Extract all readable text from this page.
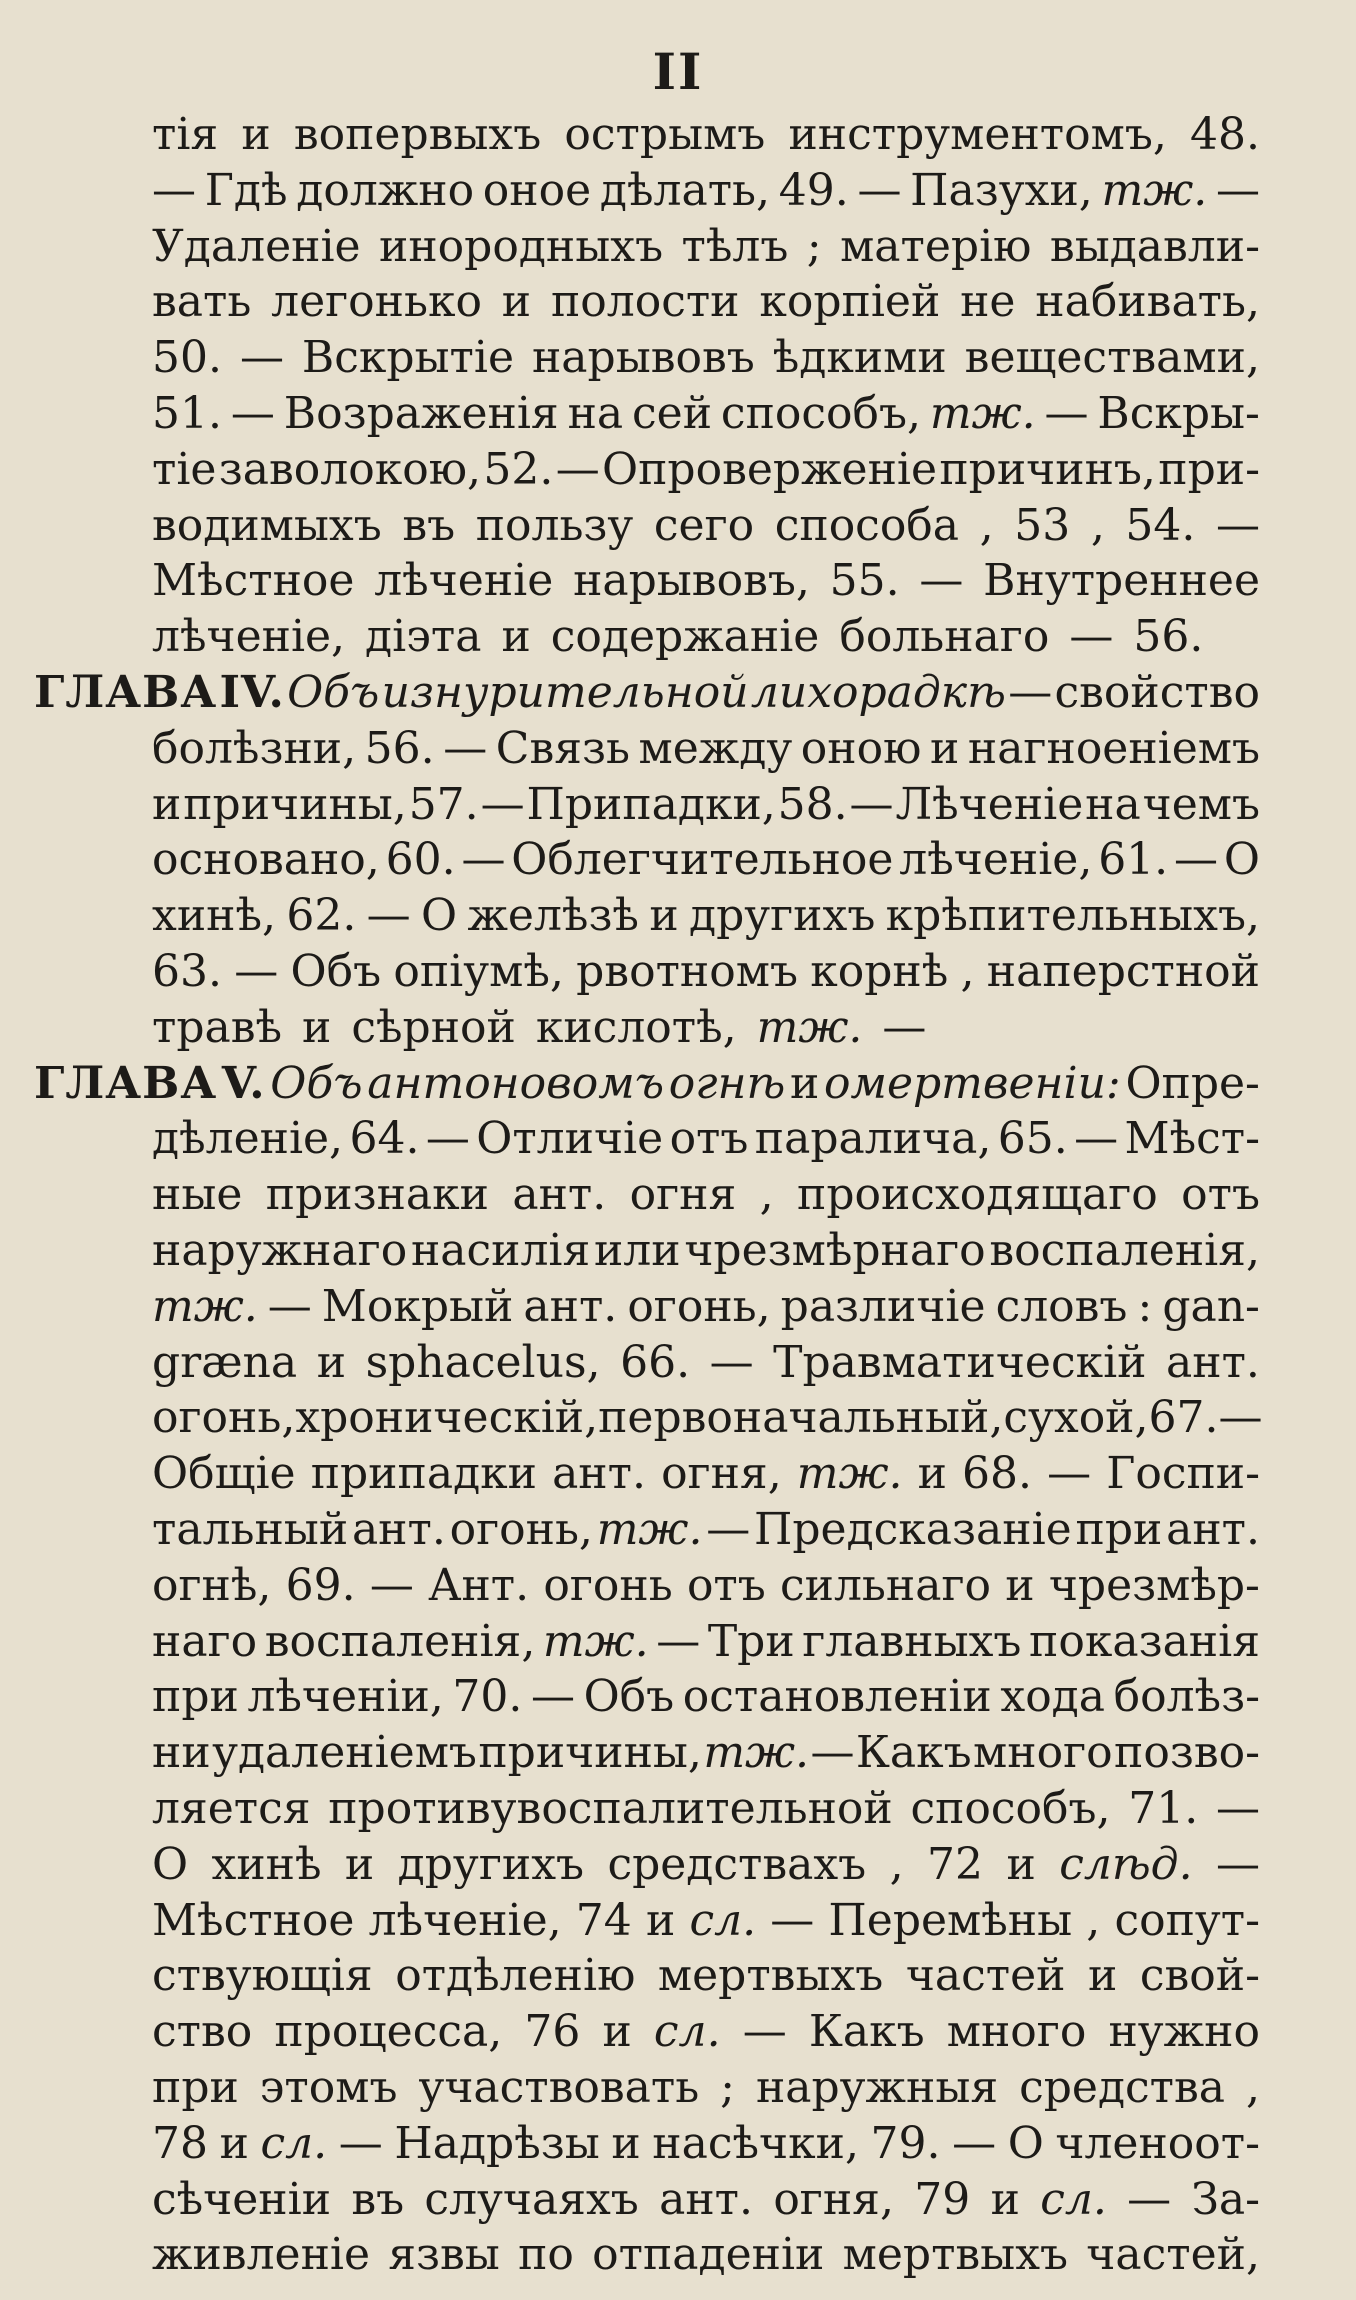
II
тія и вопервыхъ острымъ инструментомъ, 48.
— Гдѣ должно оное дѣлать, 49. — Пазухи, тж. —
Удаленіе инородныхъ тѣлъ ; матерію выдавли-
вать легонько и полости корпіей не набивать,
50. — Вскрытіе нарывовъ ѣдкими веществами,
51. — Возраженія на сей способъ, тж. — Вскры-
тіе заволокою, 52. — Опроверженіе причинъ, при-
водимыхъ въ пользу сего способа , 53 , 54. —
Мѣстное лѣченіе нарывовъ, 55. — Внутреннее
лѣченіе, діэта и содержаніе больнаго — 56.
ГЛАВА IV. Объ изнурительной лихорадкѣ — свойство
болѣзни, 56. — Связь между оною и нагноеніемъ
и причины, 57. — Припадки, 58. — Лѣченіе на чемъ
основано, 60. — Облегчительное лѣченіе, 61. — О
хинѣ, 62. — О желѣзѣ и другихъ крѣпительныхъ,
63. — Объ опіумѣ, рвотномъ корнѣ , наперстной
травѣ и сѣрной кислотѣ, тж. —
ГЛАВА V. Объ антоновомъ огнѣ и омертвеніи: Опре-
дѣленіе, 64. — Отличіе отъ паралича, 65. — Мѣст-
ные признаки ант. огня , происходящаго отъ
наружнаго насилія или чрезмѣрнаго воспаленія,
тж. — Мокрый ант. огонь, различіе словъ : gan-
græna и sphacelus, 66. — Травматическій ант.
огонь, хроническій, первоначальный, сухой, 67. —
Общіе припадки ант. огня, тж. и 68. — Госпи-
тальный ант. огонь, тж. — Предсказаніе при ант.
огнѣ, 69. — Ант. огонь отъ сильнаго и чрезмѣр-
наго воспаленія, тж. — Три главныхъ показанія
при лѣченіи, 70. — Объ остановленіи хода болѣз-
ни удаленіемъ причины, тж. — Какъ много позво-
ляется противувоспалительной способъ, 71. —
О хинѣ и другихъ средствахъ , 72 и слѣд. —
Мѣстное лѣченіе, 74 и сл. — Перемѣны , сопут-
ствующія отдѣленію мертвыхъ частей и свой-
ство процесса, 76 и сл. — Какъ много нужно
при этомъ участвовать ; наружныя средства ,
78 и сл. — Надрѣзы и насѣчки, 79. — О членоот-
сѣченіи въ случаяхъ ант. огня, 79 и сл. — За-
живленіе язвы по отпаденіи мертвыхъ частей,
